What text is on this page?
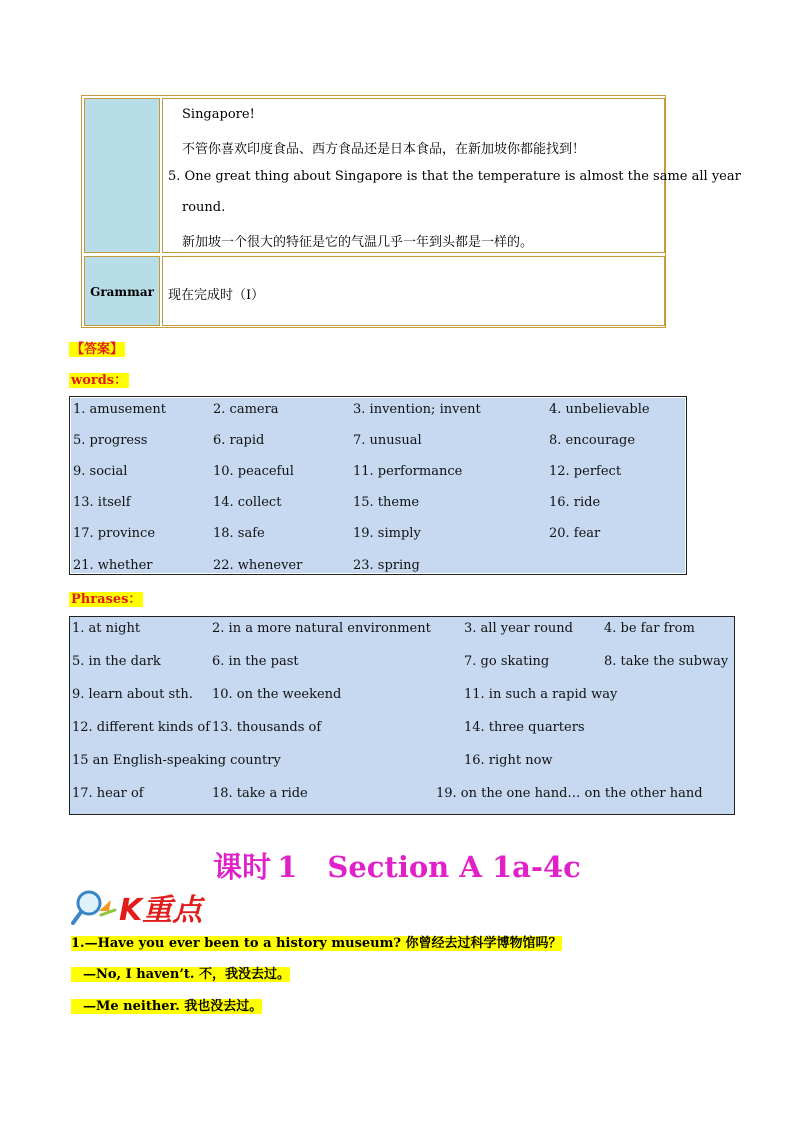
Singapore!
不管你喜欢印度食品、西方食品还是日本食品，在新加坡你都能找到！
5. One great thing about Singapore is that the temperature is almost the same all year
round.
新加坡一个很大的特征是它的气温几乎一年到头都是一样的。
Grammar	现在完成时（Ⅰ）
【答案】
words：
1. amusement	2. camera	3. invention; invent	4. unbelievable
5. progress	6. rapid	7. unusual	8. encourage
9. social	10. peaceful	11. performance	12. perfect
13. itself	14. collect	15. theme	16. ride
17. province	18. safe	19. simply	20. fear
21. whether	22. whenever	23. spring
Phrases：
1. at night	2. in a more natural environment	3. all year round 4. be far from
5. in the dark	6. in the past	7. go skating	8. take the subway
9. learn about sth. 10. on the weekend	11. in such a rapid way
12. different kinds of 13. thousands of	14. three quarters
15 an English-speaking country	16. right now
17. hear of	18. take a ride	19. on the one hand… on the other hand
课时 1 Section A 1a-4c
K重点
1.—Have you ever been to a history museum? 你曾经去过科学博物馆吗？
—No, I haven’t. 不，我没去过。
—Me neither. 我也没去过。
